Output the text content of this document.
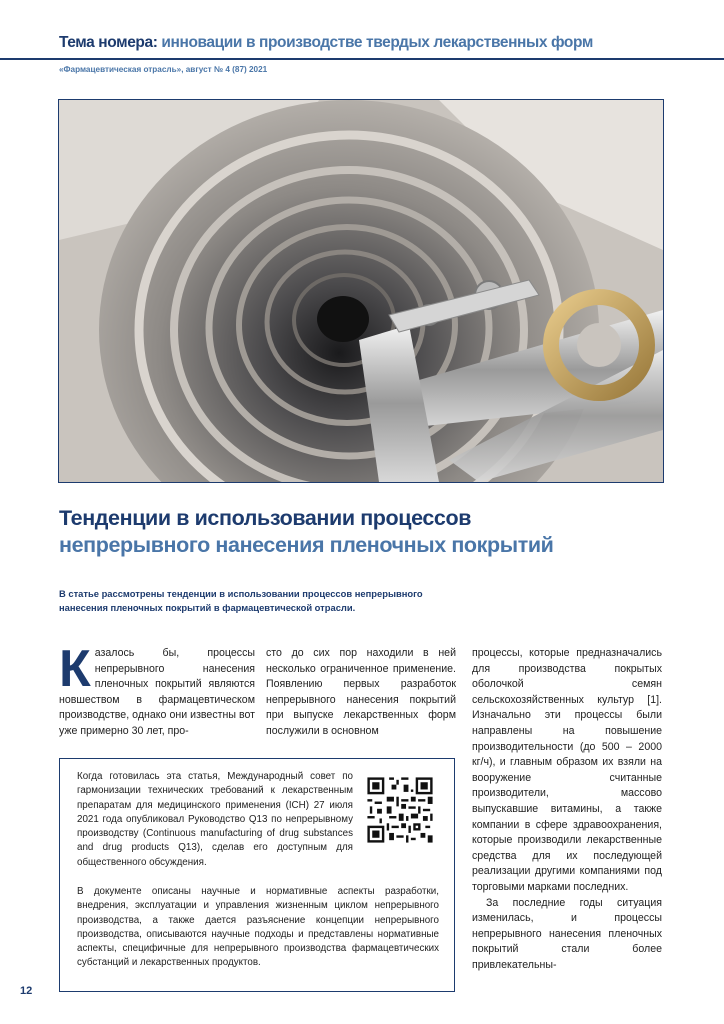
Тема номера: инновации в производстве твердых лекарственных форм
«Фармацевтическая отрасль», август № 4 (87) 2021
Тенденции в использовании процессов
непрерывного нанесения пленочных покрытий
В статье рассмотрены тенденции в использовании процессов непрерывного нанесения пленочных покрытий в фармацевтической отрасли.
К азалось бы, процессы непрерывного нанесения пленочных покрытий являются новшеством в фармацевтическом производстве, однако они известны вот уже примерно 30 лет, про-
сто до сих пор находили в ней несколько ограниченное применение. Появлению первых разработок непрерывного нанесения покрытий при выпуске лекарственных форм послужили в основном

процессы, которые предназначались для производства покрытых оболочкой семян сельскохозяйственных культур [1]. Изначально эти процессы были направлены на повышение производительности (до 500 – 2000 кг/ч), и главным образом их взяли на вооружение считанные производители, массово выпускавшие витамины, а также компании в сфере здравоохранения, которые производили лекарственные средства для их последующей реализации другими компаниями под торговыми марками последних.

За последние годы ситуация изменилась, и процессы непрерывного нанесения пленочных покрытий стали более привлекательны-

Когда готовилась эта статья, Международный совет по гармонизации технических требований к лекарственным препаратам для медицинского применения (ICH) 27 июля 2021 года опубликовал Руководство Q13 по непрерывному производству (Continuous manufacturing of drug substances and drug products Q13), сделав его доступным для общественного обсуждения.
В документе описаны научные и нормативные аспекты разработки, внедрения, эксплуатации и управления жизненным циклом непрерывного производства, а также дается разъяснение концепции непрерывного производства, описываются научные подходы и представлены нормативные аспекты, специфичные для непрерывного производства фармацевтических субстанций и лекарственных продуктов.
12
